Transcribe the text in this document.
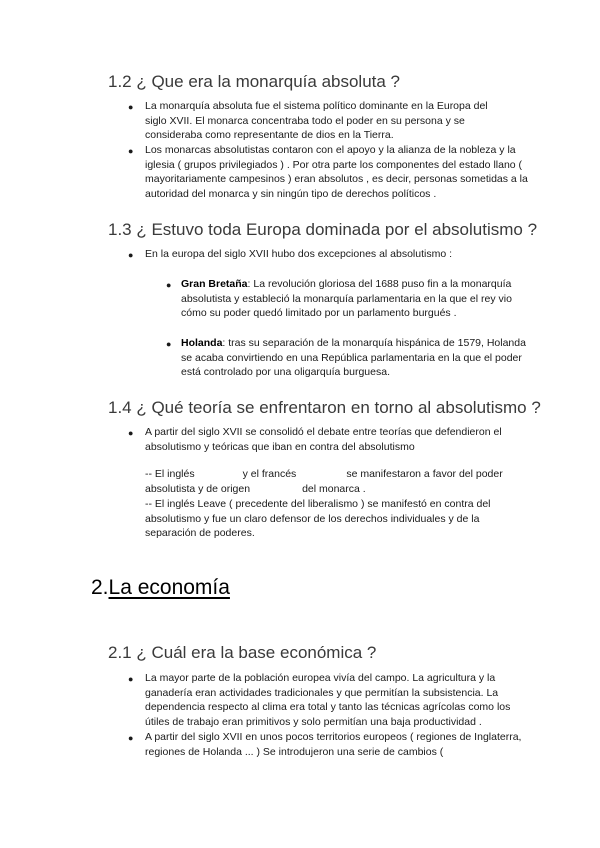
1.2 ¿ Que era la monarquía absoluta ?
● La monarquía absoluta fue el sistema político dominante en la Europa del siglo XVII. El monarca concentraba todo el poder en su persona y se consideraba como representante de dios en la Tierra.
● Los monarcas absolutistas contaron con el apoyo y la alianza de la nobleza y la iglesia ( grupos privilegiados ) . Por otra parte los componentes del estado llano ( mayoritariamente campesinos ) eran absolutos , es decir, personas sometidas a la autoridad del monarca y sin ningún tipo de derechos políticos .
1.3 ¿ Estuvo toda Europa dominada por el absolutismo ?
● En la europa del siglo XVII hubo dos excepciones al absolutismo :
● Gran Bretaña: La revolución gloriosa del 1688 puso fin a la monarquía absolutista y estableció la monarquía parlamentaria en la que el rey vio cómo su poder quedó limitado por un parlamento burgués .
● Holanda: tras su separación de la monarquía hispánica de 1579, Holanda se acaba convirtiendo en una República parlamentaria en la que el poder está controlado por una oligarquía burguesa.
1.4 ¿ Qué teoría se enfrentaron en torno al absolutismo ?
● A partir del siglo XVII se consolidó el debate entre teorías que defendieron el absolutismo y teóricas que iban en contra del absolutismo
-- El inglés	y el francés	se manifestaron a favor del poder
absolutista y de origen	del monarca .
-- El inglés Leave ( precedente del liberalismo ) se manifestó en contra del absolutismo y fue un claro defensor de los derechos individuales y de la separación de poderes.
2.La economía
2.1 ¿ Cuál era la base económica ?
● La mayor parte de la población europea vivía del campo. La agricultura y la ganadería eran actividades tradicionales y que permitían la subsistencia. La dependencia respecto al clima era total y tanto las técnicas agrícolas como los útiles de trabajo eran primitivos y solo permitían una baja productividad .
● A partir del siglo XVII en unos pocos territorios europeos ( regiones de Inglaterra, regiones de Holanda ... ) Se introdujeron una serie de cambios (
